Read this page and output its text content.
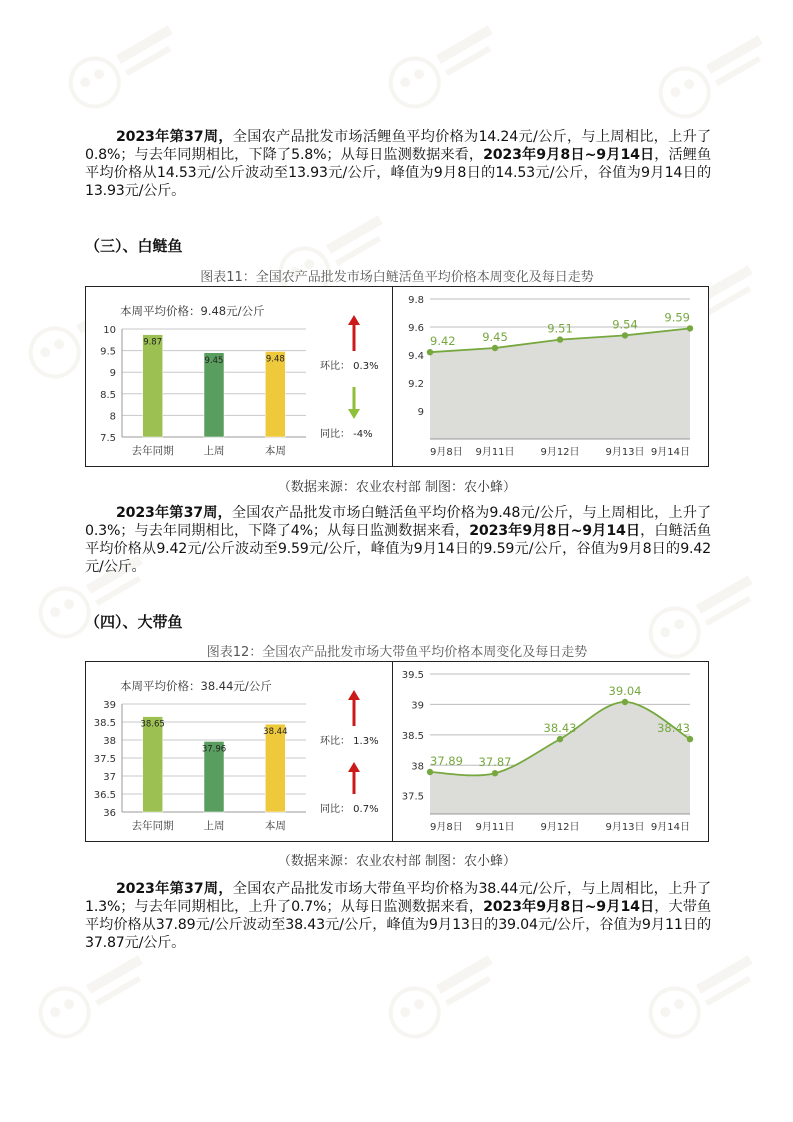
2023年第37周，全国农产品批发市场活鲤鱼平均价格为14.24元/公斤，与上周相比，上升了0.8%；与去年同期相比，下降了5.8%；从每日监测数据来看，2023年9月8日~9月14日，活鲤鱼平均价格从14.53元/公斤波动至13.93元/公斤，峰值为9月8日的14.53元/公斤，谷值为9月14日的13.93元/公斤。

（三）、白鲢鱼

图表11：全国农产品批发市场白鲢活鱼平均价格本周变化及每日走势

本周平均价格：9.48元/公斤
7.5
8
8.5
9
9.5
10
9.87
去年同期
9.45
上周
9.48
本周
环比： 0.3%
同比： -4%
9
9.2
9.4
9.6
9.8
9.42
9月8日
9.45
9月11日
9.51
9月12日
9.54
9月13日
9.59
9月14日

（数据来源：农业农村部 制图：农小蜂）

2023年第37周，全国农产品批发市场白鲢活鱼平均价格为9.48元/公斤，与上周相比，上升了0.3%；与去年同期相比，下降了4%；从每日监测数据来看，2023年9月8日~9月14日，白鲢活鱼平均价格从9.42元/公斤波动至9.59元/公斤，峰值为9月14日的9.59元/公斤，谷值为9月8日的9.42元/公斤。

（四）、大带鱼

图表12：全国农产品批发市场大带鱼平均价格本周变化及每日走势

本周平均价格：38.44元/公斤
36
36.5
37
37.5
38
38.5
39
38.65
去年同期
37.96
上周
38.44
本周
环比： 1.3%
同比： 0.7%
37.5
38
38.5
39
39.5
37.89
9月8日
37.87
9月11日
38.43
9月12日
39.04
9月13日
38.43
9月14日

（数据来源：农业农村部 制图：农小蜂）

2023年第37周，全国农产品批发市场大带鱼平均价格为38.44元/公斤，与上周相比，上升了1.3%；与去年同期相比，上升了0.7%；从每日监测数据来看，2023年9月8日~9月14日，大带鱼平均价格从37.89元/公斤波动至38.43元/公斤，峰值为9月13日的39.04元/公斤，谷值为9月11日的37.87元/公斤。
